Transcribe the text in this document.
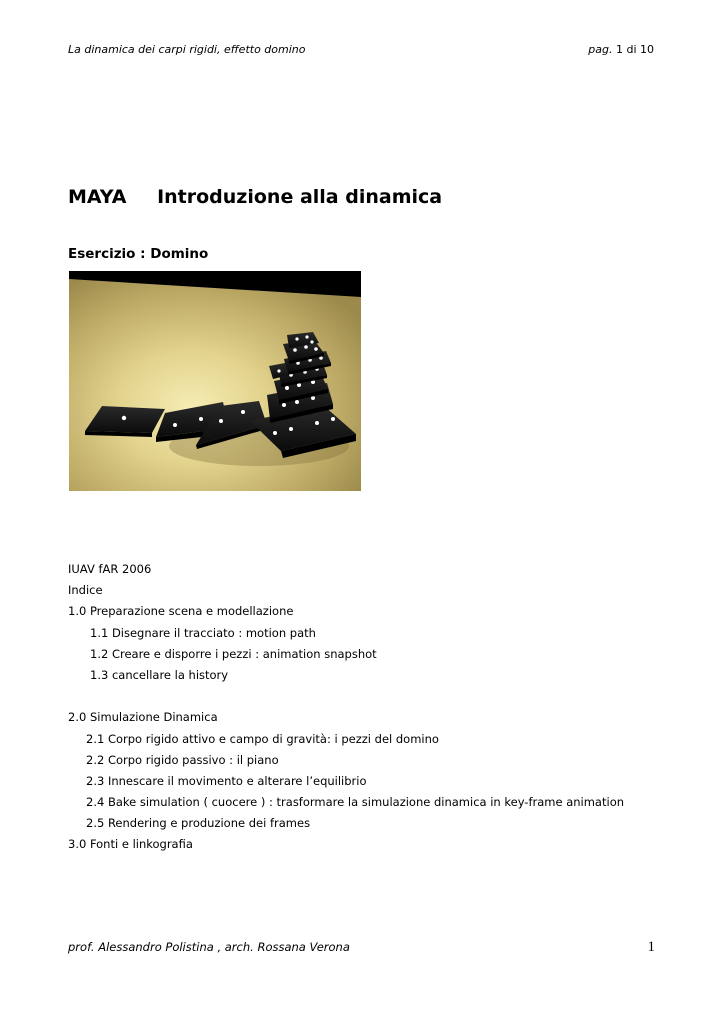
La dinamica dei carpi rigidi, effetto domino	pag. 1 di 10
MAYA Introduzione alla dinamica
Esercizio : Domino
IUAV fAR 2006
Indice
1.0 Preparazione scena e modellazione
1.1 Disegnare il tracciato : motion path
1.2 Creare e disporre i pezzi : animation snapshot
1.3 cancellare la history
2.0 Simulazione Dinamica
2.1 Corpo rigido attivo e campo di gravità: i pezzi del domino
2.2 Corpo rigido passivo : il piano
2.3 Innescare il movimento e alterare l’equilibrio
2.4 Bake simulation ( cuocere ) : trasformare la simulazione dinamica in key-frame animation
2.5 Rendering e produzione dei frames
3.0 Fonti e linkografia
prof. Alessandro Polistina , arch. Rossana Verona	1
